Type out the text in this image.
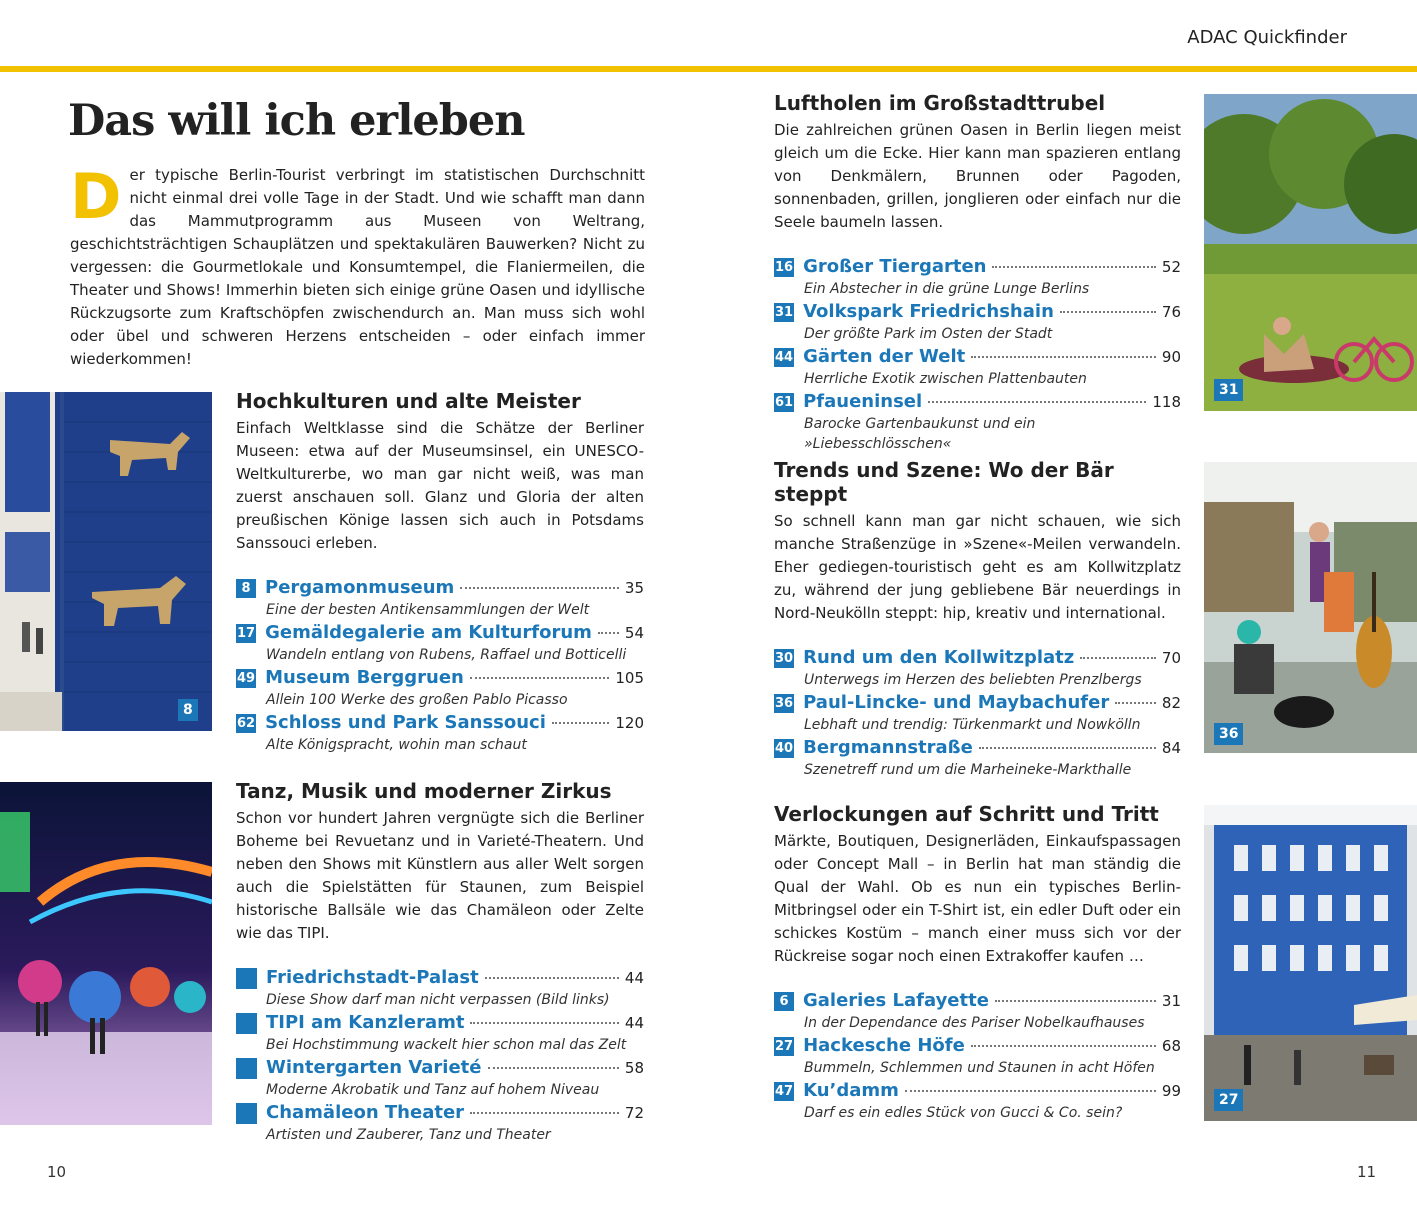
ADAC Quickfinder
Das will ich erleben

Der typische Berlin-Tourist verbringt im statistischen Durchschnitt nicht einmal drei volle Tage in der Stadt. Und wie schafft man dann das Mammutprogramm aus Museen von Weltrang, geschichtsträchtigen Schauplätzen und spektakulären Bauwerken? Nicht zu vergessen: die Gourmetlokale und Konsumtempel, die Flaniermeilen, die Theater und Shows! Immerhin bieten sich einige grüne Oasen und idyllische Rückzugsorte zum Kraftschöpfen zwischendurch an. Man muss sich wohl oder übel und schweren Herzens entscheiden – oder einfach immer wiederkommen!

8
Hochkulturen und alte Meister

Einfach Weltklasse sind die Schätze der Berliner Museen: etwa auf der Museumsinsel, ein UNESCO-Weltkulturerbe, wo man gar nicht weiß, was man zuerst anschauen soll. Glanz und Gloria der alten preußischen Könige lassen sich auch in Potsdams Sanssouci erleben.

8 Pergamonmuseum	35
Eine der besten Antikensammlungen der Welt
17 Gemäldegalerie am Kulturforum 54
Wandeln entlang von Rubens, Raffael und Botticelli
49 Museum Berggruen	105
Allein 100 Werke des großen Pablo Picasso
62 Schloss und Park Sanssouci	120
Alte Königspracht, wohin man schaut
Tanz, Musik und moderner Zirkus

Schon vor hundert Jahren vergnügte sich die Berliner Boheme bei Revuetanz und in Varieté-Theatern. Und neben den Shows mit Künstlern aus aller Welt sorgen auch die Spielstätten für Staunen, zum Beispiel historische Ballsäle wie das Chamäleon oder Zelte wie das TIPI.

Friedrichstadt-Palast	44
Diese Show darf man nicht verpassen (Bild links)
TIPI am Kanzleramt	44
Bei Hochstimmung wackelt hier schon mal das Zelt
Wintergarten Varieté	58
Moderne Akrobatik und Tanz auf hohem Niveau
Chamäleon Theater	72
Artisten und Zauberer, Tanz und Theater
Luftholen im Großstadttrubel

Die zahlreichen grünen Oasen in Berlin liegen meist gleich um die Ecke. Hier kann man spazieren entlang von Denkmälern, Brunnen oder Pagoden, sonnenbaden, grillen, jonglieren oder einfach nur die Seele baumeln lassen.

16 Großer Tiergarten	52
Ein Abstecher in die grüne Lunge Berlins
31 Volkspark Friedrichshain	76
Der größte Park im Osten der Stadt
44 Gärten der Welt	90
Herrliche Exotik zwischen Plattenbauten
61 Pfaueninsel	118
Barocke Gartenbaukunst und ein »Liebesschlösschen«
31
Trends und Szene: Wo der Bär steppt

So schnell kann man gar nicht schauen, wie sich manche Straßenzüge in »Szene«-Meilen verwandeln. Eher gediegen-touristisch geht es am Kollwitzplatz zu, während der jung gebliebene Bär neuerdings in Nord-Neukölln steppt: hip, kreativ und international.

30 Rund um den Kollwitzplatz	70
Unterwegs im Herzen des beliebten Prenzlbergs
36 Paul-Lincke- und Maybachufer	82
Lebhaft und trendig: Türkenmarkt und Nowkölln
40 Bergmannstraße	84
Szenetreff rund um die Marheineke-Markthalle
36
Verlockungen auf Schritt und Tritt

Märkte, Boutiquen, Designerläden, Einkaufspassagen oder Concept Mall – in Berlin hat man ständig die Qual der Wahl. Ob es nun ein typisches Berlin-Mitbringsel oder ein T-Shirt ist, ein edler Duft oder ein schickes Kostüm – manch einer muss sich vor der Rückreise sogar noch einen Extrakoffer kaufen …

6 Galeries Lafayette	31
In der Dependance des Pariser Nobelkaufhauses
27 Hackesche Höfe	68
Bummeln, Schlemmen und Staunen in acht Höfen
47 Ku’damm	99
Darf es ein edles Stück von Gucci & Co. sein?
27
10	11
